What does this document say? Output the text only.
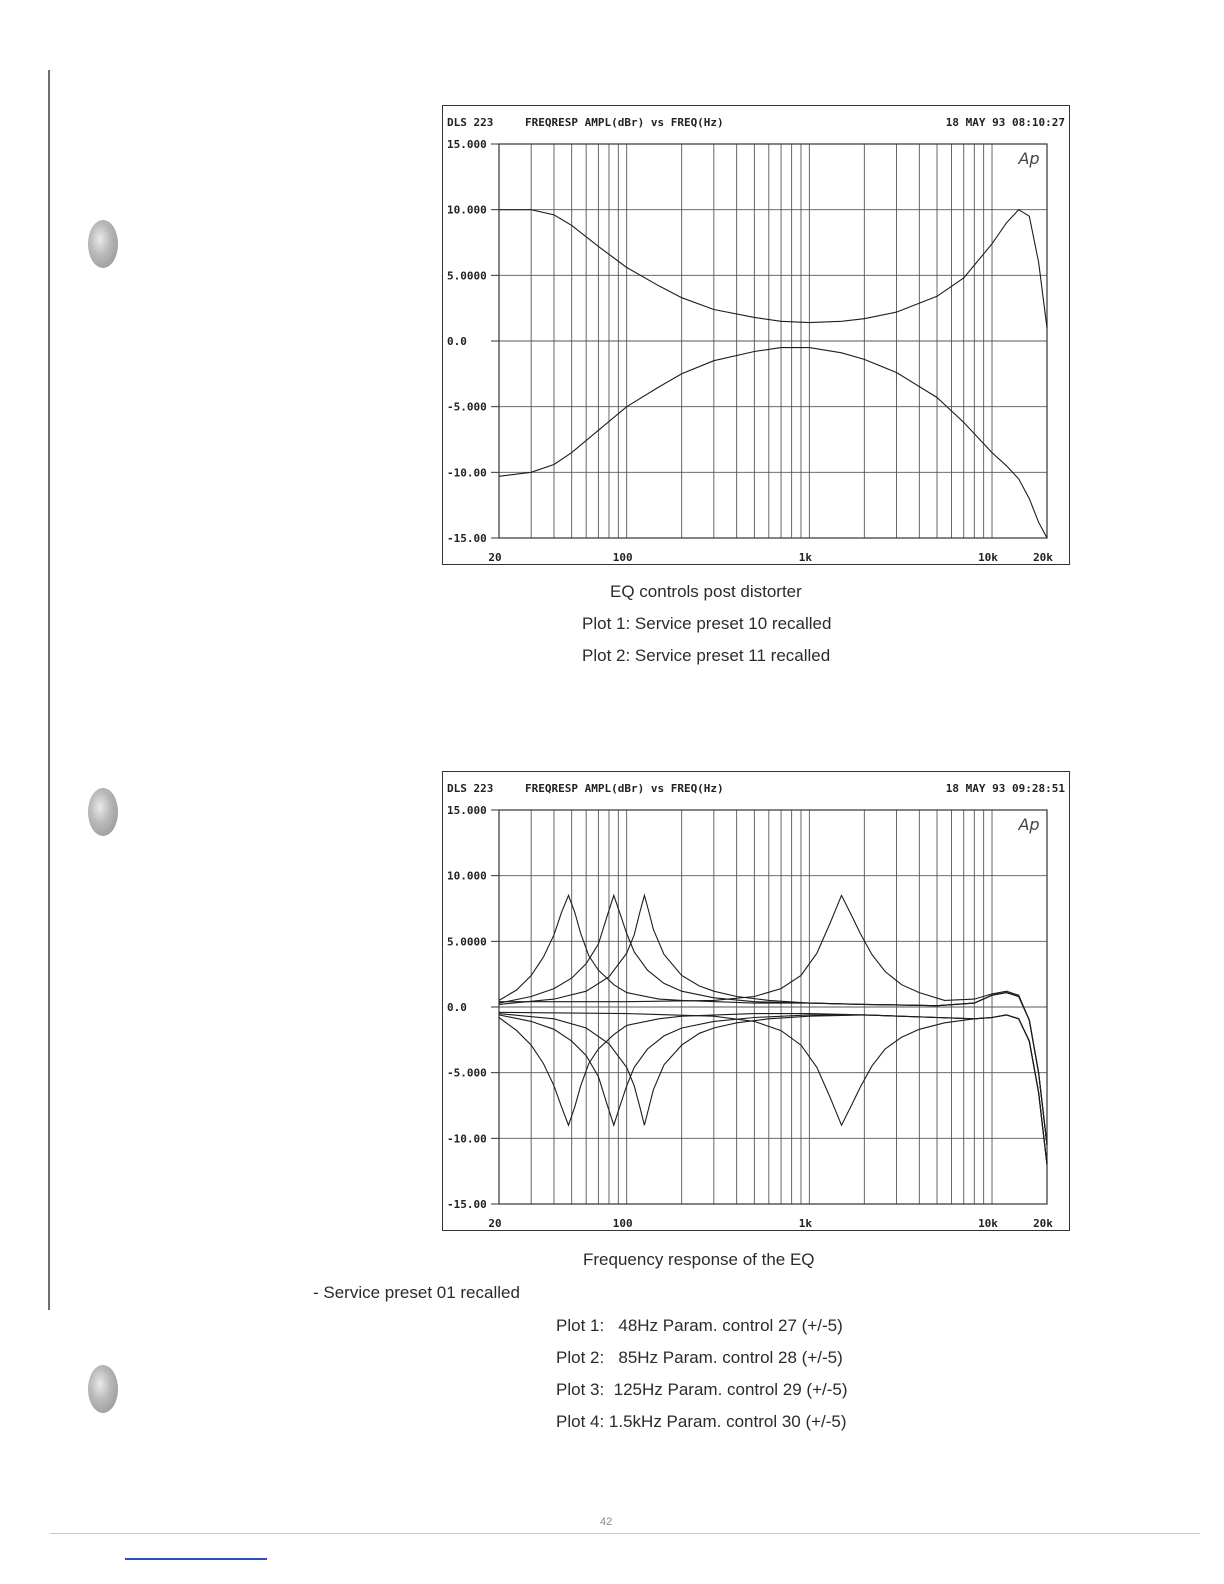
DLS 223	FREQRESP AMPL(dBr) vs FREQ(Hz)	18 MAY 93 08:10:27
15.000
10.000
5.0000
0.0
-5.000
-10.00
-15.00
20	100	1k	10k	20k
Ap
EQ controls post distorter
Plot 1: Service preset 10 recalled
Plot 2: Service preset 11 recalled
DLS 223	FREQRESP AMPL(dBr) vs FREQ(Hz)	18 MAY 93 09:28:51
15.000
10.000
5.0000
0.0
-5.000
-10.00
-15.00
20	100	1k	10k	20k
Ap
Frequency response of the EQ
- Service preset 01 recalled
Plot 1:   48Hz Param. control 27 (+/-5)
Plot 2:   85Hz Param. control 28 (+/-5)
Plot 3:  125Hz Param. control 29 (+/-5)
Plot 4: 1.5kHz Param. control 30 (+/-5)
42
